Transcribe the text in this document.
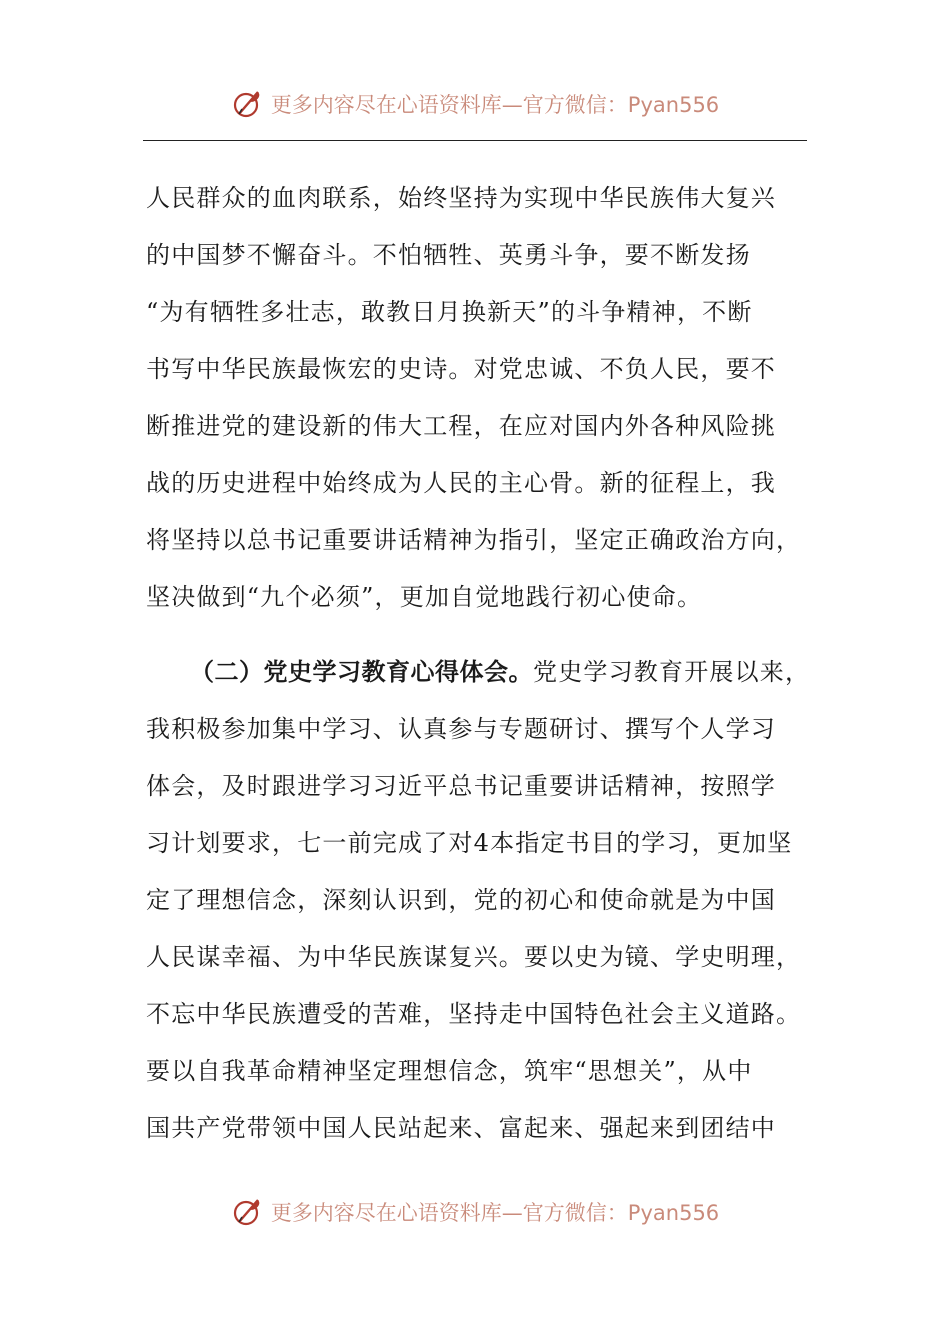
更多内容尽在心语资料库—官方微信：Pyan556
人民群众的血肉联系，始终坚持为实现中华民族伟大复兴
的中国梦不懈奋斗。不怕牺牲、英勇斗争，要不断发扬
“为有牺牲多壮志，敢教日月换新天”的斗争精神，不断
书写中华民族最恢宏的史诗。对党忠诚、不负人民，要不
断推进党的建设新的伟大工程，在应对国内外各种风险挑
战的历史进程中始终成为人民的主心骨。新的征程上，我
将坚持以总书记重要讲话精神为指引，坚定正确政治方向，
坚决做到“九个必须”，更加自觉地践行初心使命。
（二）党史学习教育心得体会。党史学习教育开展以来，
我积极参加集中学习、认真参与专题研讨、撰写个人学习
体会，及时跟进学习习近平总书记重要讲话精神，按照学
习计划要求，七一前完成了对4本指定书目的学习，更加坚
定了理想信念，深刻认识到，党的初心和使命就是为中国
人民谋幸福、为中华民族谋复兴。要以史为镜、学史明理，
不忘中华民族遭受的苦难，坚持走中国特色社会主义道路。
要以自我革命精神坚定理想信念，筑牢“思想关”，从中
国共产党带领中国人民站起来、富起来、强起来到团结中
更多内容尽在心语资料库—官方微信：Pyan556
